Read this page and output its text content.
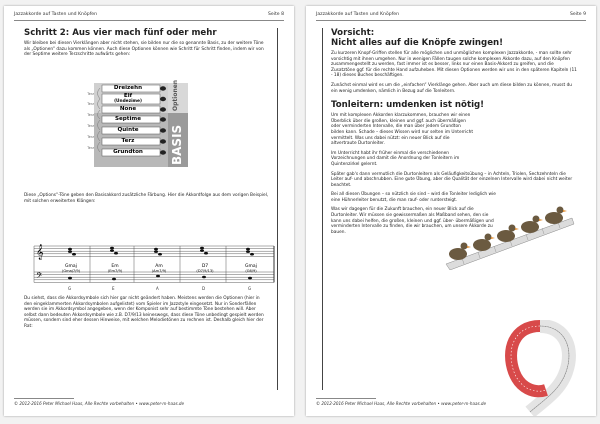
Jazzakkorde auf Tasten und Knöpfen	Seite 8
Schritt 2: Aus vier mach fünf oder mehr

Wir bleiben bei diesen Vierklängen aber nicht stehen, sie bilden nur die so genannte Basis, zu der weitere Töne als „Optionen“ dazu kommen können. Auch diese Optionen können wie Schritt für Schritt finden, indem wir von der Septime weitere Terzschritte aufwärts gehen:

Dreizehn
Elf
(Undezime)
None
Septime
Quinte
Terz
Grundton
Terz
Terz
Terz
Terz
Terz
Terz
Optionen
BASIS

Diese „Options“-Töne geben den Basisakkord zusätzliche Färbung. Hier die Akkordfolge aus dem vorigen Beispiel, mit solchen erweiterten Klängen:

𝄞
𝄢
Gmaj
(Gmaj7/9)
Em
(Em7/9)
Am
(Am7/9)
D7
(D7/9/13)
Gmaj
(G6/9)
G	E	A	D	G

Du siehst, dass die Akkordsymbole sich hier gar nicht geändert haben. Meistens werden die Optionen (hier in den eingeklammerten Akkordsymbolen aufgelistet) vom Spieler im Jazzstyle eingesetzt. Nur in Sonderfällen werden sie im Akkordsymbol angegeben, wenn der Komponist sehr auf bestimmte Töne bestehen will. Aber selbst dann bedeuten Akkordsymbole wie z.B. D7/9/13 keineswegs, dass diese Töne unbedingt gespielt werden müssen, sondern sind eher dessen Hinweise, mit welchen Melodietönen zu rechnen ist. Deshalb gleich hier der Rat:

© 2012-2016 Peter Michael Haas, Alle Rechte vorbehalten • www.peter-m-haas.de
Jazzakkorde auf Tasten und Knöpfen	Seite 9
Vorsicht:
Nicht alles auf die Knöpfe zwingen!

Zu kurzeren Knopf-Griffen stellen für alle möglichen und unmöglichen komplexen Jazzakkorde, - man sollte sehr vorsichtig mit ihnen umgehen. Nur in wenigen Fällen taugen solche komplexen Akkorde dazu, auf den Knöpfen zusammengestellt zu werden, fast immer ist es besser, links nur einen Basis-Akkord zu greifen, und die Zusatztöne ggf. für die rechte Hand aufzuheben. Mit diesen Optionen werden wir uns in den späteren Kapiteln (11 - 18) dieses Buches beschäftigen.

Zunächst einmal wird es um die „einfachen“ Vierklänge gehen. Aber auch um diese bilden zu können, musst du ein wenig umdenken, nämlich in Bezug auf die Tonleitern.

Tonleitern: umdenken ist nötig!

Um mit komplexen Akkorden klarzukommen, brauchen wir einen Überblick über die großen, kleinen und ggf. auch übermäßigen oder verminderten Intervalle, die man über jedem Grundton bilden kann. Schade – dieses Wissen wird nur selten im Unterricht vermittelt. Was uns dabei nützt: ein neuer Blick auf die altvertraute Durtonleiter.

Im Unterricht habt ihr früher einmal die verschiedenen Vorzeichnungen und damit die Anordnung der Tonleitern im Quintenzirkel gelernt.

Später gab's dann vermutlich die Durtonleitern als Geläufigkeitsübung – in Achteln, Triolen, Sechzehnteln die Leiter auf- und abschrubben. Eine gute Übung, aber die Qualität der einzelnen Intervalle wird dabei nicht weiter beachtet.

Bei all diesen Übungen – so nützlich sie sind – wird die Tonleiter lediglich wie eine Hühnerleiter benutzt, die man rauf- oder runtersteigt.

Was wir dagegen für die Zukunft brauchen, ein neuer Blick auf die Durtonleiter. Wir müssen sie gewissermaßen als Maßband sehen, den sie kann uns dabei helfen, die großen, kleinen und ggf. über- übermäßigen und verminderten Intervalle zu finden, die wir brauchen, um unsere Akkorde zu bauen.

© 2012-2016 Peter Michael Haas, Alle Rechte vorbehalten • www.peter-m-haas.de
